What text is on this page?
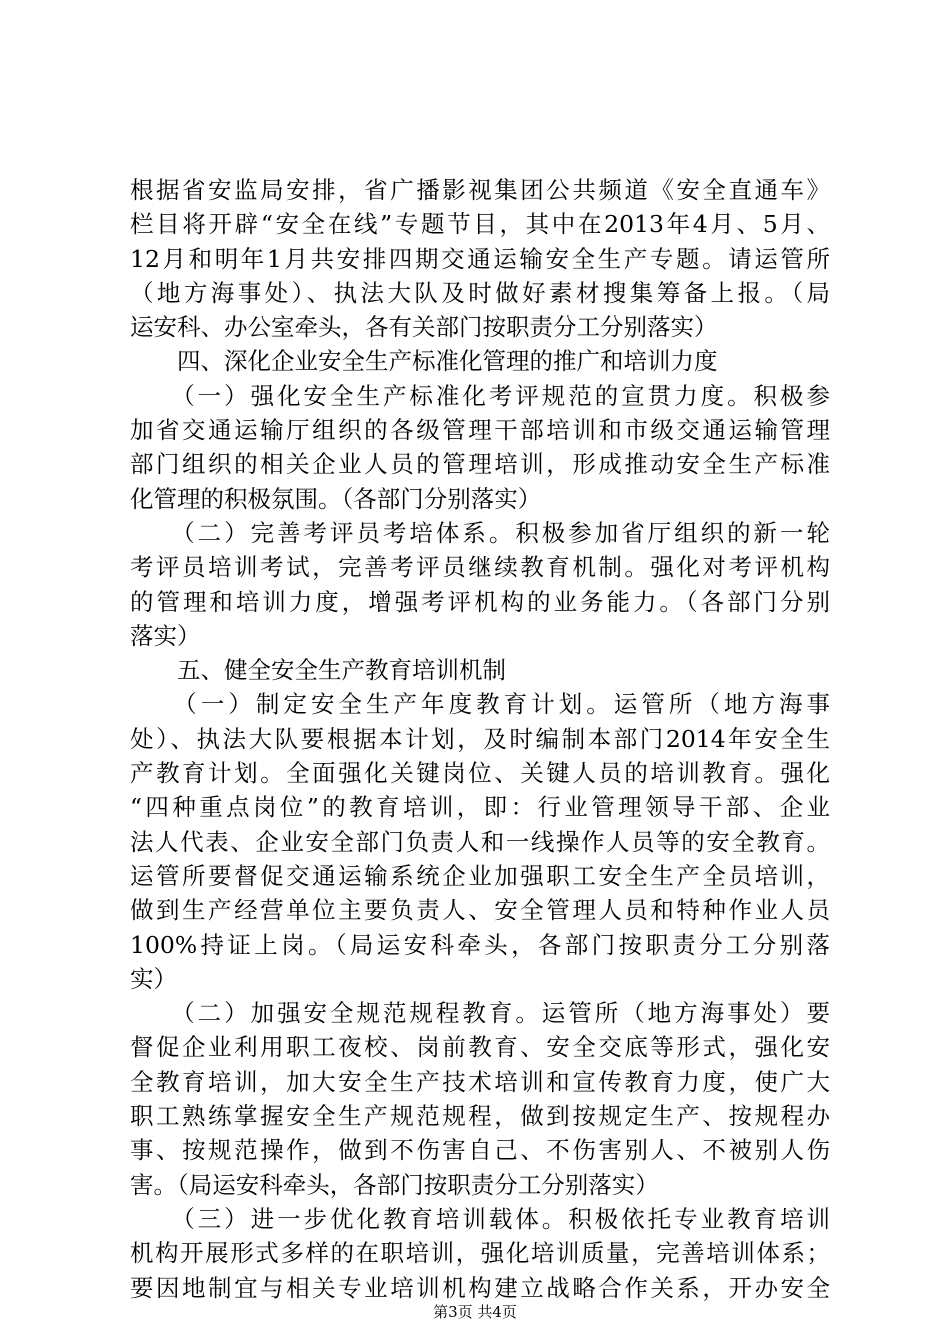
根据省安监局安排，省广播影视集团公共频道《安全直通车》
栏目将开辟“安全在线”专题节目，其中在2013年4月、5月、
12月和明年1月共安排四期交通运输安全生产专题。请运管所
（地方海事处）、执法大队及时做好素材搜集筹备上报。（局
运安科、办公室牵头，各有关部门按职责分工分别落实）
　　四、深化企业安全生产标准化管理的推广和培训力度
　　（一）强化安全生产标准化考评规范的宣贯力度。积极参
加省交通运输厅组织的各级管理干部培训和市级交通运输管理
部门组织的相关企业人员的管理培训，形成推动安全生产标准
化管理的积极氛围。（各部门分别落实）
　　（二）完善考评员考培体系。积极参加省厅组织的新一轮
考评员培训考试，完善考评员继续教育机制。强化对考评机构
的管理和培训力度，增强考评机构的业务能力。（各部门分别
落实）
　　五、健全安全生产教育培训机制
　　（一）制定安全生产年度教育计划。运管所（地方海事
处）、执法大队要根据本计划，及时编制本部门2014年安全生
产教育计划。全面强化关键岗位、关键人员的培训教育。强化
“四种重点岗位”的教育培训，即：行业管理领导干部、企业
法人代表、企业安全部门负责人和一线操作人员等的安全教育。
运管所要督促交通运输系统企业加强职工安全生产全员培训，
做到生产经营单位主要负责人、安全管理人员和特种作业人员
100%持证上岗。（局运安科牵头，各部门按职责分工分别落
实）
　　（二）加强安全规范规程教育。运管所（地方海事处）要
督促企业利用职工夜校、岗前教育、安全交底等形式，强化安
全教育培训，加大安全生产技术培训和宣传教育力度，使广大
职工熟练掌握安全生产规范规程，做到按规定生产、按规程办
事、按规范操作，做到不伤害自己、不伤害别人、不被别人伤
害。（局运安科牵头，各部门按职责分工分别落实）
　　（三）进一步优化教育培训载体。积极依托专业教育培训
机构开展形式多样的在职培训，强化培训质量，完善培训体系；
要因地制宜与相关专业培训机构建立战略合作关系，开办安全
第3页 共4页
